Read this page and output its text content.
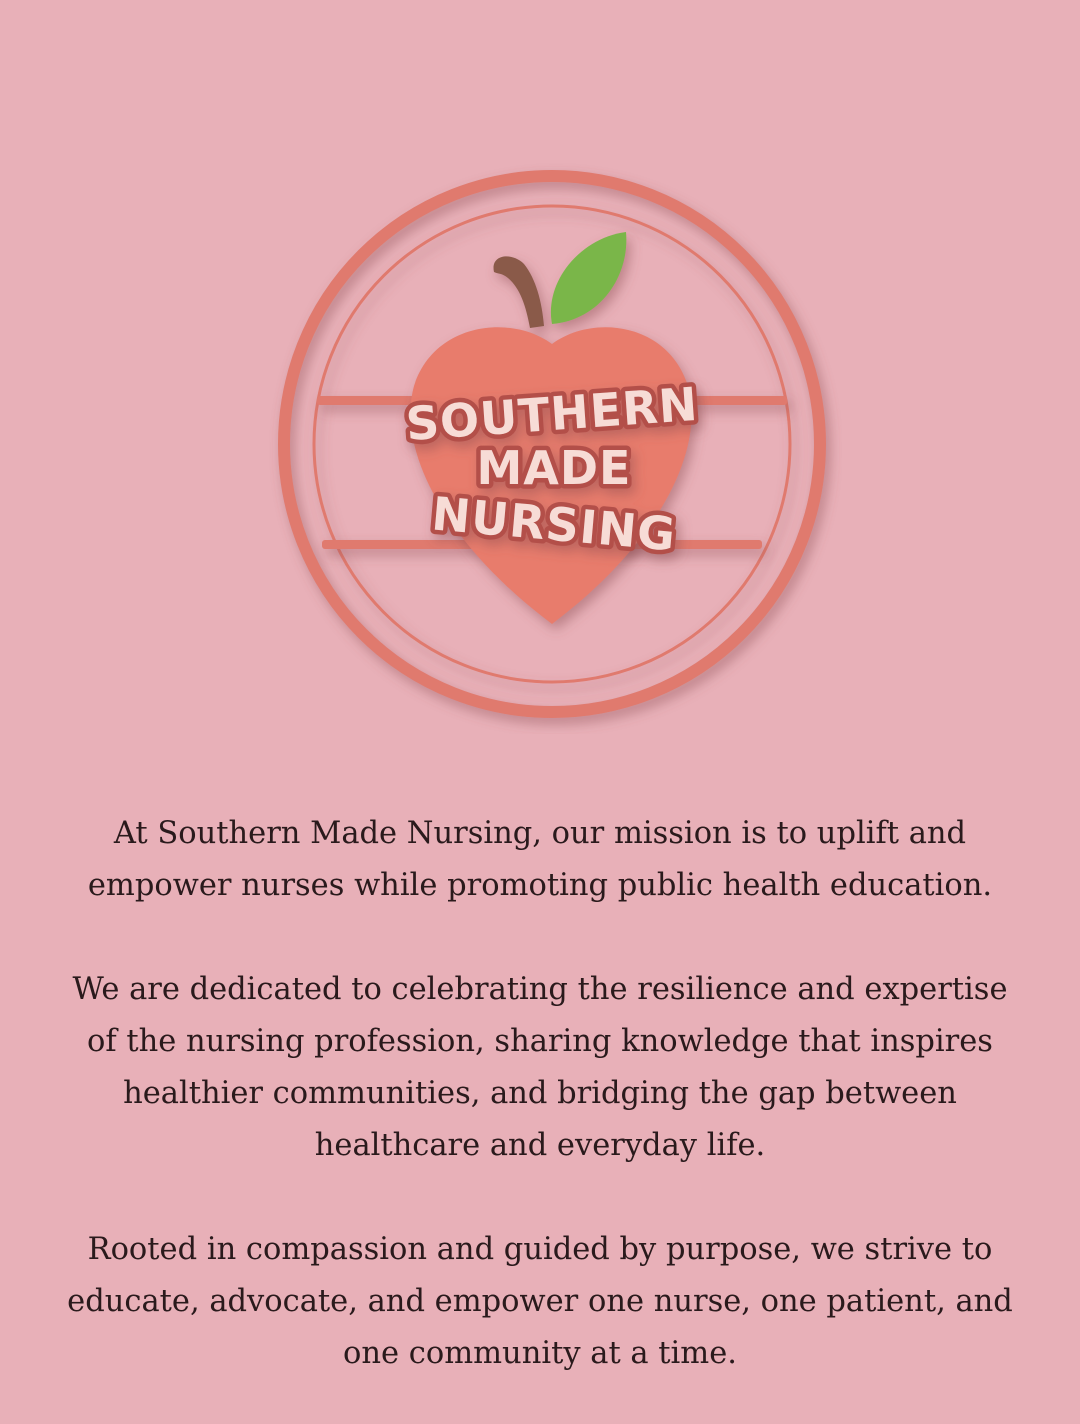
SOUTHERN
MADE
NURSING

At Southern Made Nursing, our mission is to uplift and empower nurses while promoting public health education.

We are dedicated to celebrating the resilience and expertise of the nursing profession, sharing knowledge that inspires healthier communities, and bridging the gap between healthcare and everyday life.

Rooted in compassion and guided by purpose, we strive to educate, advocate, and empower one nurse, one patient, and one community at a time.
